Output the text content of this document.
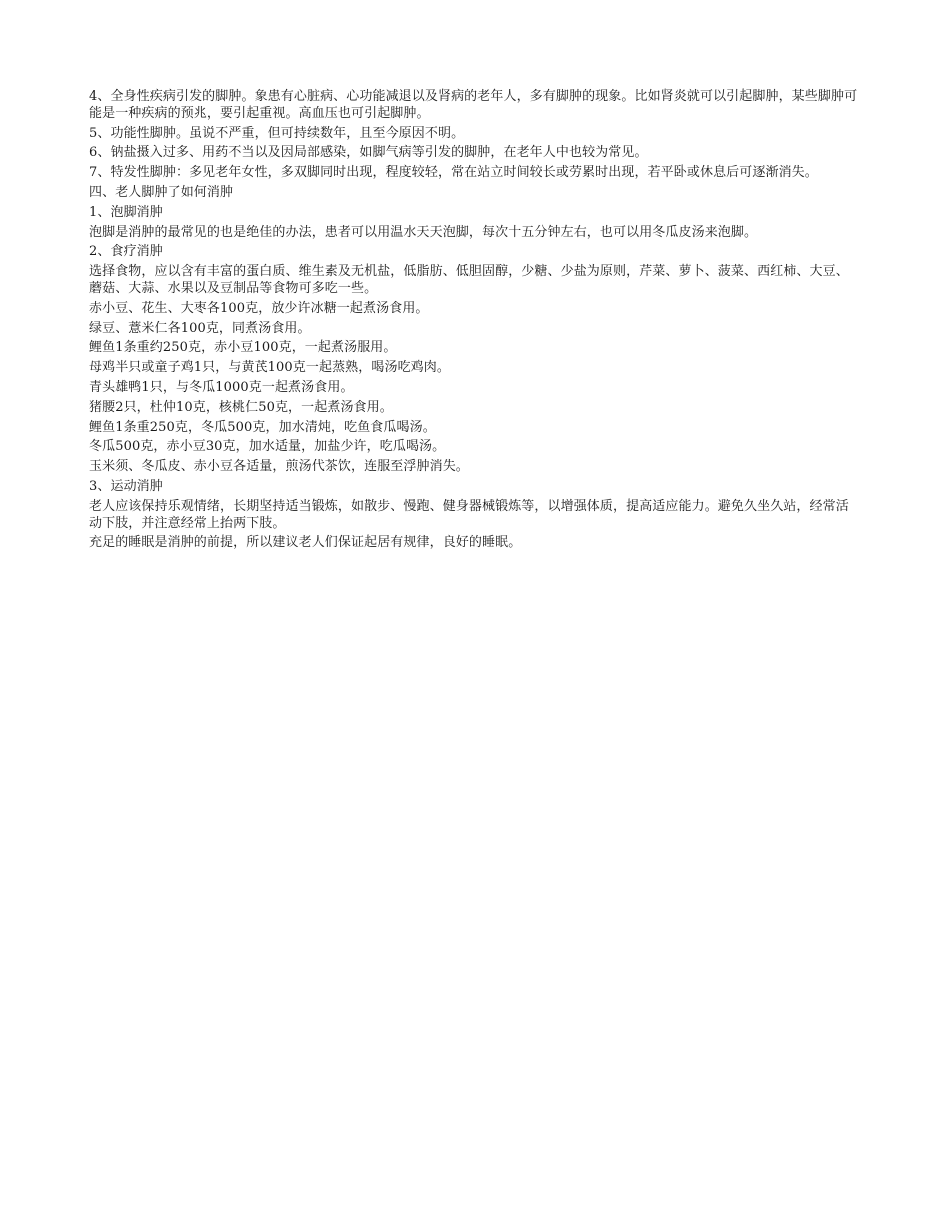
4、全身性疾病引发的脚肿。象患有心脏病、心功能减退以及肾病的老年人，多有脚肿的现象。比如肾炎就可以引起脚肿，某些脚肿可能是一种疾病的预兆，要引起重视。高血压也可引起脚肿。

5、功能性脚肿。虽说不严重，但可持续数年，且至今原因不明。

6、钠盐摄入过多、用药不当以及因局部感染，如脚气病等引发的脚肿，在老年人中也较为常见。

7、特发性脚肿：多见老年女性，多双脚同时出现，程度较轻，常在站立时间较长或劳累时出现，若平卧或休息后可逐渐消失。

四、老人脚肿了如何消肿

1、泡脚消肿

泡脚是消肿的最常见的也是绝佳的办法，患者可以用温水天天泡脚，每次十五分钟左右，也可以用冬瓜皮汤来泡脚。

2、食疗消肿

选择食物，应以含有丰富的蛋白质、维生素及无机盐，低脂肪、低胆固醇，少糖、少盐为原则，芹菜、萝卜、菠菜、西红柿、大豆、蘑菇、大蒜、水果以及豆制品等食物可多吃一些。

赤小豆、花生、大枣各100克，放少许冰糖一起煮汤食用。

绿豆、薏米仁各100克，同煮汤食用。

鲤鱼1条重约250克，赤小豆100克，一起煮汤服用。

母鸡半只或童子鸡1只，与黄芪100克一起蒸熟，喝汤吃鸡肉。

青头雄鸭1只，与冬瓜1000克一起煮汤食用。

猪腰2只，杜仲10克，核桃仁50克，一起煮汤食用。

鲤鱼1条重250克，冬瓜500克，加水清炖，吃鱼食瓜喝汤。

冬瓜500克，赤小豆30克，加水适量，加盐少许，吃瓜喝汤。

玉米须、冬瓜皮、赤小豆各适量，煎汤代茶饮，连服至浮肿消失。

3、运动消肿

老人应该保持乐观情绪，长期坚持适当锻炼，如散步、慢跑、健身器械锻炼等，以增强体质，提高适应能力。避免久坐久站，经常活动下肢，并注意经常上抬两下肢。

充足的睡眠是消肿的前提，所以建议老人们保证起居有规律，良好的睡眠。
